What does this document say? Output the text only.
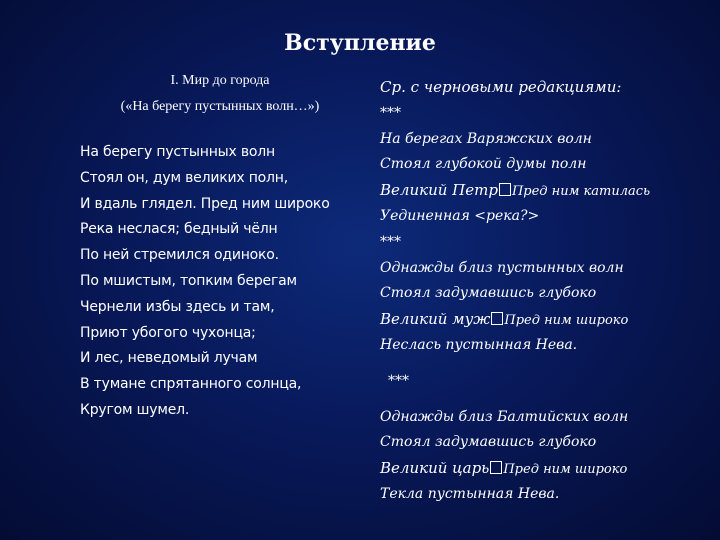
Вступление
I. Мир до города
(«На берегу пустынных волн…»)
На берегу пустынных волн
Стоял он, дум великих полн,
И вдаль глядел. Пред ним широко
Река неслася; бедный чёлн
По ней стремился одиноко.
По мшистым, топким берегам
Чернели избы здесь и там,
Приют убогого чухонца;
И лес, неведомый лучам
В тумане спрятанного солнца,
Кругом шумел.
Ср. с черновыми редакциями:
***
На берегах Варяжских волн
Стоял глубокой думы полн
Великий Петр Пред ним катилась
Уединенная <река?>
***
Однажды близ пустынных волн
Стоял задумавшись глубоко
Великий муж Пред ним широко
Неслась пустынная Нева.
***
Однажды близ Балтийских волн
Стоял задумавшись глубоко
Великий царь Пред ним широко
Текла пустынная Нева.
